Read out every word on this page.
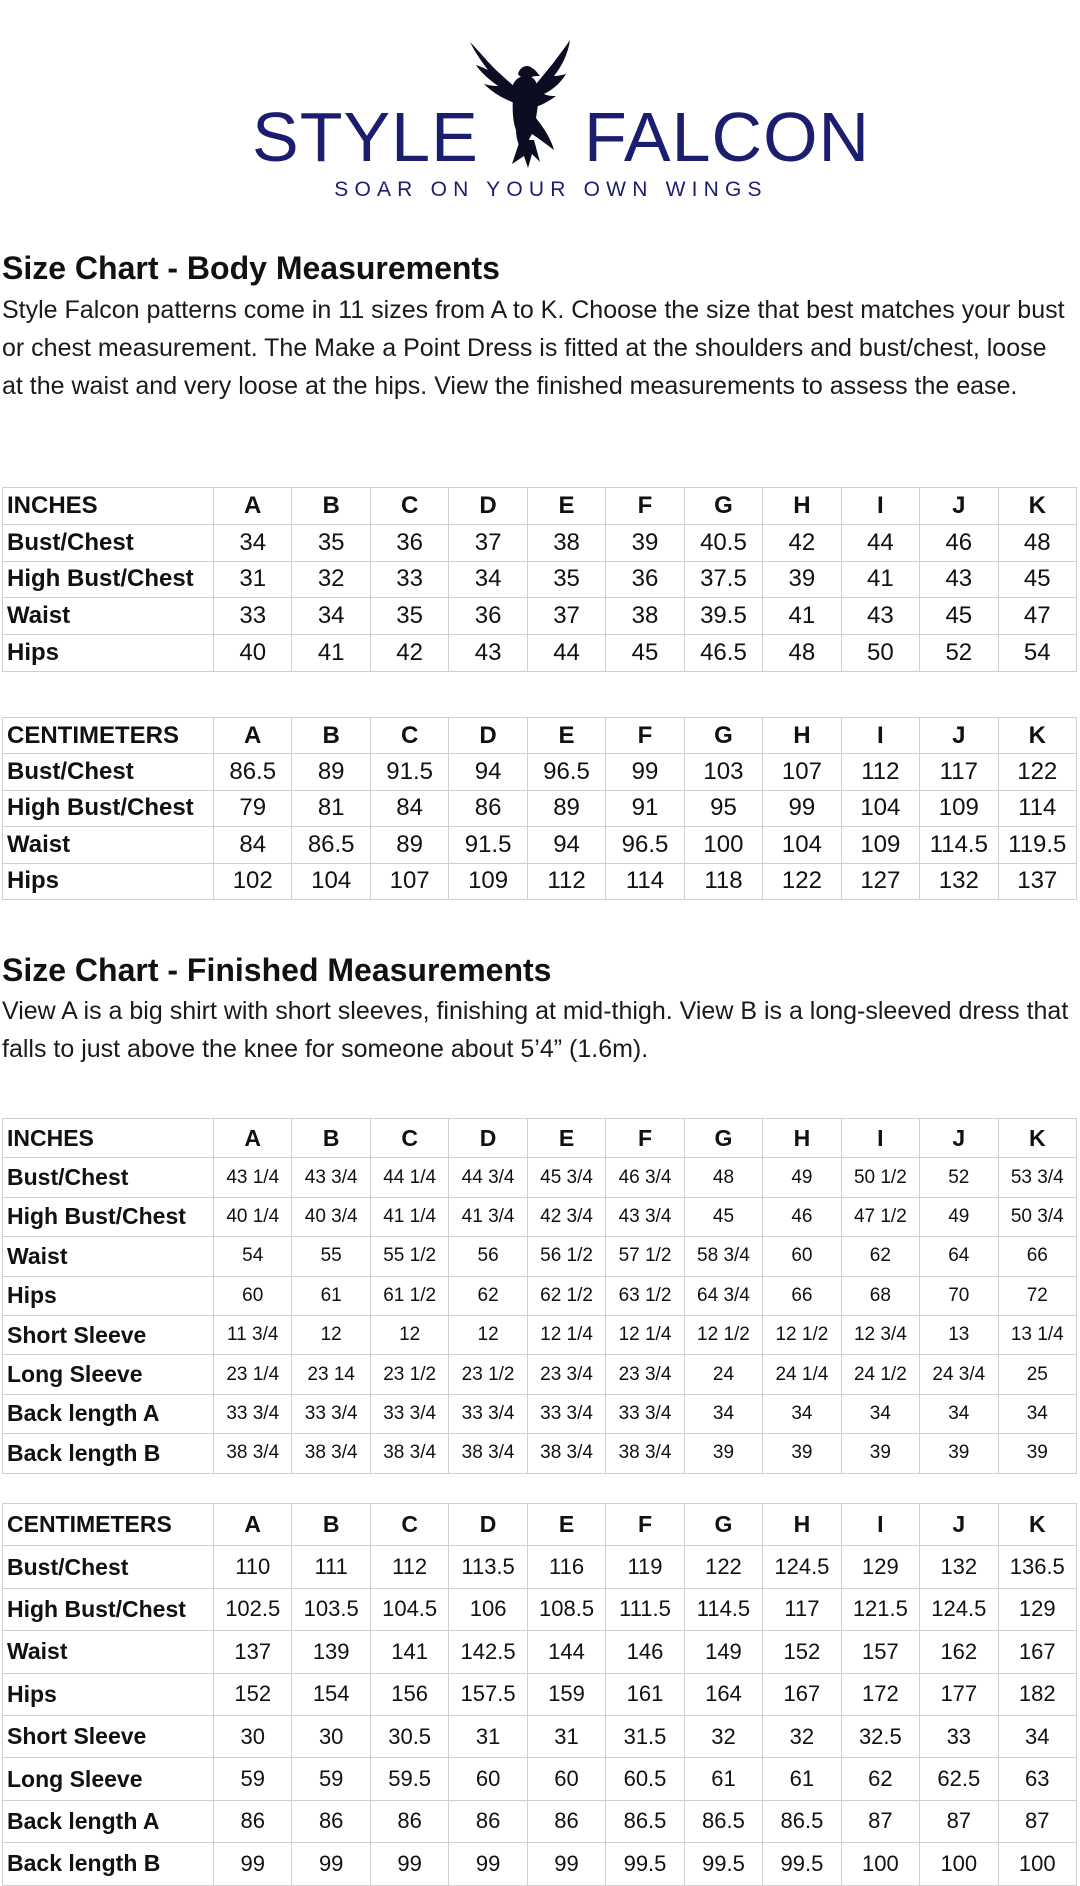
STYLE FALCON
SOAR ON YOUR OWN WINGS
Size Chart - Body Measurements

Style Falcon patterns come in 11 sizes from A to K. Choose the size that best matches your bust or chest measurement. The Make a Point Dress is fitted at the shoulders and bust/chest, loose at the waist and very loose at the hips. View the finished measurements to assess the ease.

INCHES	A	B	C	D	E	F	G	H	I	J	K
Bust/Chest	34	35	36	37	38	39	40.5	42	44	46	48
High Bust/Chest	31	32	33	34	35	36	37.5	39	41	43	45
Waist	33	34	35	36	37	38	39.5	41	43	45	47
Hips	40	41	42	43	44	45	46.5	48	50	52	54
CENTIMETERS	A	B	C	D	E	F	G	H	I	J	K
Bust/Chest	86.5	89	91.5	94	96.5	99	103	107	112	117	122
High Bust/Chest	79	81	84	86	89	91	95	99	104	109	114
Waist	84	86.5	89	91.5	94	96.5	100	104	109	114.5	119.5
Hips	102	104	107	109	112	114	118	122	127	132	137
Size Chart - Finished Measurements

View A is a big shirt with short sleeves, finishing at mid-thigh. View B is a long-sleeved dress that falls to just above the knee for someone about 5’4” (1.6m).

INCHES	A	B	C	D	E	F	G	H	I	J	K
Bust/Chest	43 1/4	43 3/4	44 1/4	44 3/4	45 3/4	46 3/4	48	49	50 1/2	52	53 3/4
High Bust/Chest	40 1/4	40 3/4	41 1/4	41 3/4	42 3/4	43 3/4	45	46	47 1/2	49	50 3/4
Waist	54	55	55 1/2	56	56 1/2	57 1/2	58 3/4	60	62	64	66
Hips	60	61	61 1/2	62	62 1/2	63 1/2	64 3/4	66	68	70	72
Short Sleeve	11 3/4	12	12	12	12 1/4	12 1/4	12 1/2	12 1/2	12 3/4	13	13 1/4
Long Sleeve	23 1/4	23 14	23 1/2	23 1/2	23 3/4	23 3/4	24	24 1/4	24 1/2	24 3/4	25
Back length A	33 3/4	33 3/4	33 3/4	33 3/4	33 3/4	33 3/4	34	34	34	34	34
Back length B	38 3/4	38 3/4	38 3/4	38 3/4	38 3/4	38 3/4	39	39	39	39	39
CENTIMETERS	A	B	C	D	E	F	G	H	I	J	K
Bust/Chest	110	111	112	113.5	116	119	122	124.5	129	132	136.5
High Bust/Chest	102.5	103.5	104.5	106	108.5	111.5	114.5	117	121.5	124.5	129
Waist	137	139	141	142.5	144	146	149	152	157	162	167
Hips	152	154	156	157.5	159	161	164	167	172	177	182
Short Sleeve	30	30	30.5	31	31	31.5	32	32	32.5	33	34
Long Sleeve	59	59	59.5	60	60	60.5	61	61	62	62.5	63
Back length A	86	86	86	86	86	86.5	86.5	86.5	87	87	87
Back length B	99	99	99	99	99	99.5	99.5	99.5	100	100	100
